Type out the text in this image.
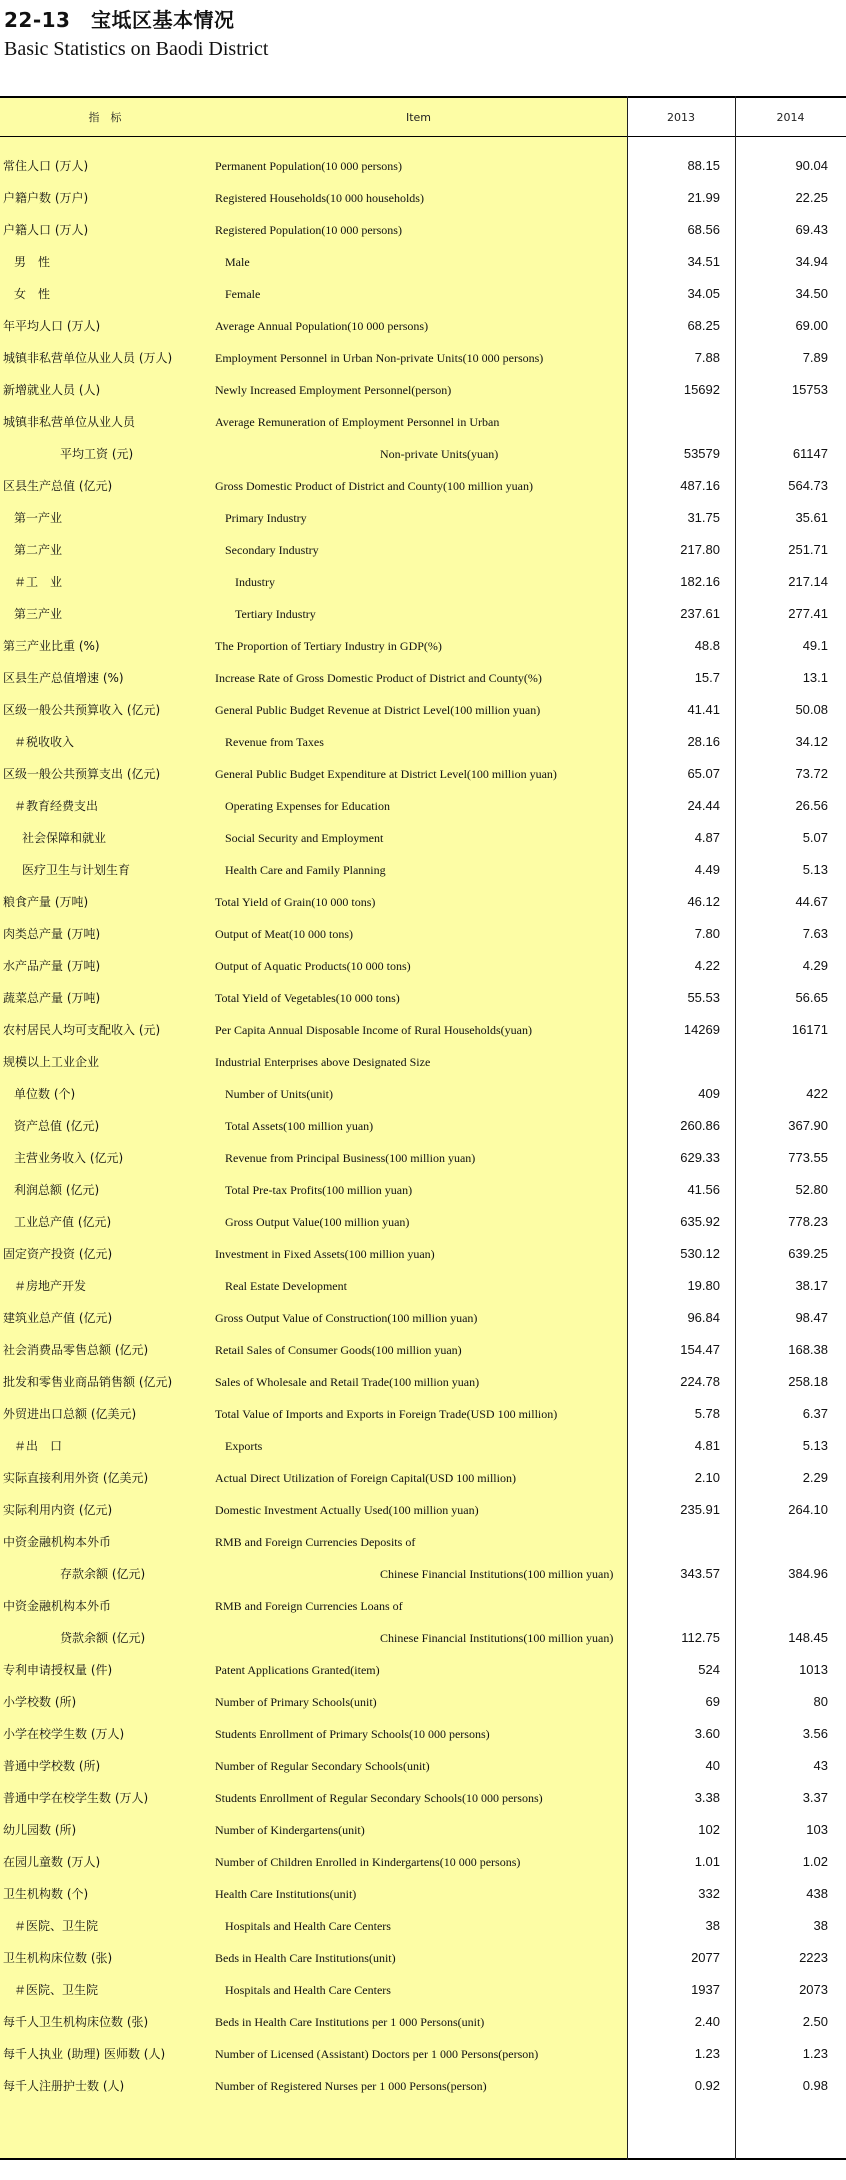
22-13　宝坻区基本情况
Basic Statistics on Baodi District
指　标	Item	2013	2014
常住人口 (万人)	Permanent Population(10 000 persons)	88.15	90.04
户籍户数 (万户)	Registered Households(10 000 households)	21.99	22.25
户籍人口 (万人)	Registered Population(10 000 persons)	68.56	69.43
男　性	Male	34.51	34.94
女　性	Female	34.05	34.50
年平均人口 (万人)	Average Annual Population(10 000 persons)	68.25	69.00
城镇非私营单位从业人员 (万人)	Employment Personnel in Urban Non-private Units(10 000 persons)	7.88	7.89
新增就业人员 (人)	Newly Increased Employment Personnel(person)	15692	15753
城镇非私营单位从业人员	Average Remuneration of Employment Personnel in Urban
平均工资 (元)	Non-private Units(yuan)	53579	61147
区县生产总值 (亿元)	Gross Domestic Product of District and County(100 million yuan)	487.16	564.73
第一产业	Primary Industry	31.75	35.61
第二产业	Secondary Industry	217.80	251.71
＃工　业	Industry	182.16	217.14
第三产业	Tertiary Industry	237.61	277.41
第三产业比重 (%)	The Proportion of Tertiary Industry in GDP(%)	48.8	49.1
区县生产总值增速 (%)	Increase Rate of Gross Domestic Product of District and County(%)	15.7	13.1
区级一般公共预算收入 (亿元)	General Public Budget Revenue at District Level(100 million yuan)	41.41	50.08
＃税收收入	Revenue from Taxes	28.16	34.12
区级一般公共预算支出 (亿元)	General Public Budget Expenditure at District Level(100 million yuan)	65.07	73.72
＃教育经费支出	Operating Expenses for Education	24.44	26.56
社会保障和就业	Social Security and Employment	4.87	5.07
医疗卫生与计划生育	Health Care and Family Planning	4.49	5.13
粮食产量 (万吨)	Total Yield of Grain(10 000 tons)	46.12	44.67
肉类总产量 (万吨)	Output of Meat(10 000 tons)	7.80	7.63
水产品产量 (万吨)	Output of Aquatic Products(10 000 tons)	4.22	4.29
蔬菜总产量 (万吨)	Total Yield of Vegetables(10 000 tons)	55.53	56.65
农村居民人均可支配收入 (元)	Per Capita Annual Disposable Income of Rural Households(yuan)	14269	16171
规模以上工业企业	Industrial Enterprises above Designated Size
单位数 (个)	Number of Units(unit)	409	422
资产总值 (亿元)	Total Assets(100 million yuan)	260.86	367.90
主营业务收入 (亿元)	Revenue from Principal Business(100 million yuan)	629.33	773.55
利润总额 (亿元)	Total Pre-tax Profits(100 million yuan)	41.56	52.80
工业总产值 (亿元)	Gross Output Value(100 million yuan)	635.92	778.23
固定资产投资 (亿元)	Investment in Fixed Assets(100 million yuan)	530.12	639.25
＃房地产开发	Real Estate Development	19.80	38.17
建筑业总产值 (亿元)	Gross Output Value of Construction(100 million yuan)	96.84	98.47
社会消费品零售总额 (亿元)	Retail Sales of Consumer Goods(100 million yuan)	154.47	168.38
批发和零售业商品销售额 (亿元)	Sales of Wholesale and Retail Trade(100 million yuan)	224.78	258.18
外贸进出口总额 (亿美元)	Total Value of Imports and Exports in Foreign Trade(USD 100 million)	5.78	6.37
＃出　口	Exports	4.81	5.13
实际直接利用外资 (亿美元)	Actual Direct Utilization of Foreign Capital(USD 100 million)	2.10	2.29
实际利用内资 (亿元)	Domestic Investment Actually Used(100 million yuan)	235.91	264.10
中资金融机构本外币	RMB and Foreign Currencies Deposits of
存款余额 (亿元)	Chinese Financial Institutions(100 million yuan)	343.57	384.96
中资金融机构本外币	RMB and Foreign Currencies Loans of
贷款余额 (亿元)	Chinese Financial Institutions(100 million yuan)	112.75	148.45
专利申请授权量 (件)	Patent Applications Granted(item)	524	1013
小学校数 (所)	Number of Primary Schools(unit)	69	80
小学在校学生数 (万人)	Students Enrollment of Primary Schools(10 000 persons)	3.60	3.56
普通中学校数 (所)	Number of Regular Secondary Schools(unit)	40	43
普通中学在校学生数 (万人)	Students Enrollment of Regular Secondary Schools(10 000 persons)	3.38	3.37
幼儿园数 (所)	Number of Kindergartens(unit)	102	103
在园儿童数 (万人)	Number of Children Enrolled in Kindergartens(10 000 persons)	1.01	1.02
卫生机构数 (个)	Health Care Institutions(unit)	332	438
＃医院、卫生院	Hospitals and Health Care Centers	38	38
卫生机构床位数 (张)	Beds in Health Care Institutions(unit)	2077	2223
＃医院、卫生院	Hospitals and Health Care Centers	1937	2073
每千人卫生机构床位数 (张)	Beds in Health Care Institutions per 1 000 Persons(unit)	2.40	2.50
每千人执业 (助理) 医师数 (人)	Number of Licensed (Assistant) Doctors per 1 000 Persons(person)	1.23	1.23
每千人注册护士数 (人)	Number of Registered Nurses per 1 000 Persons(person)	0.92	0.98
